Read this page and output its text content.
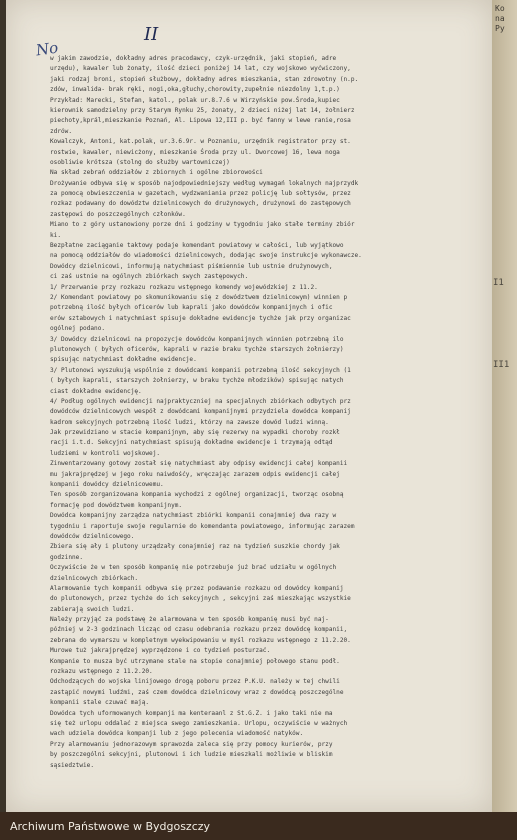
Ko
na
Py
I1
II1
No
II
w jakim zawodzie, dokładny adres pracodawcy, czyk-urzędnik, jaki stopień, adre
urzędu), kawaler lub żonaty, ilość dzieci poniżej 14 lat, czy wojskowo wyćwiczony,
jaki rodzaj broni, stopień służbowy, dokładny adres mieszkania, stan zdrowotny (n.p.
zdów, inwalida- brak ręki, nogi,oka,głuchy,chorowity,zupełnie niezdolny 1,t.p.)
Przykład: Marecki, Stefan, katol., polak ur.8.7.6 w Wirzyńskie pow.Środa,kupiec
kierownik samodzielny przy Starym Rynku 25, żonaty, 2 dzieci niżej lat 14, żołnierz
piechoty,kprál,mieszkanie Poznań, Al. Lipowa 12,III p. być fanny w lewe ranie,rosa
zdrów.
Kowalczyk, Antoni, kat.polak, ur.3.6.9r. w Poznaniu, urzędnik registrator przy st.
rostwie, kawaler, niewicżony, mieszkanie Środa przy ul. Dworcowej 16, lewa noga
osobliwie krótsza (stolng do służby wartowniczej)
Na skład zebrań oddziałów z zbiornych i ogólne zbiorowości
Drożywanie odbywa się w sposób najodpowiedniejszy według wymagań lokalnych najprzydk
za pomocą obwieszczenia w gazetach, wydzwaniania przez policję lub sołtysów, przez
rozkaz podawany do dowództw dzielnicowych do drużynowych, drużynowi do zastępowych
zastępowi do poszczególnych członków.
Miano to z góry ustanowiony porze dni i godziny w tygodniu jako stałe terminy zbiór
ki.
Bezpłatne zaciąganie taktowy podaje komendant powiatowy w całości, lub wyjątkowo
na pomocą oddziałów do wiadomości dzielnicowych, dodając swoje instrukcje wykonawcze.
Dowódcy dzielnicowi, informują natychmiast piśmiennie lub ustnie drużynowych,
ci zaś ustnie na ogólnych zbiórkach swych zastępowych.
1/ Przerwanie przy rozkazu rozkazu wstępnego komendy wojewódzkiej z 11.2.
2/ Komendant powiatowy po skomunikowaniu się z dowództwem dzielnicowym) winnien p
potrzebną ilość byłych oficerów lub kaprali jako dowódców kompanijnych i ofic
erów sztabowych i natychmiast spisuje dokładne ewidencje tychże jak przy organizac
ogólnej podano.
3/ Dowódcy dzielnicowi na propozycje dowódców kompanijnych winnien potrzebną ilo
plutonowych ( byłych oficerów, kaprali w razie braku tychże starszych żołnierzy)
spisując natychmiast dokładne ewidencje.
3/ Plutonowi wyszukują wspólnie z dowódcami kompanii potrzebną ilość sekcyjnych (1
( byłych kaprali, starszych żołnierzy, w braku tychże młodzików) spisując natych
ciast dokładne ewidencję.
4/ Podług ogólnych ewidencji najpraktyczniej na specjalnych zbiórkach odbytych prz
dowódców dzielnicowych wespół z dowódcami kompanijnymi przydziela dowódca kompanij
kadrom sekcyjnych potrzebną ilość ludzi, którzy na zawsze dowód ludzi winną.
Jak przewidziano w stacie kompanijnym, aby się rezerwy na wypadki choroby rozkł
racji i.t.d. Sekcyjni natychmiast spisują dokładne ewidencje i trzymają odtąd
ludziemi w kontroli wojskowej.
Zinwentarzowany gotowy został się natychmiast aby odpisy ewidencji całej kompanii
mu jakrajprędzej w jego roku naiwdośćy, wręczając zarazem odpis ewidencji całej
kompanii dowódcy dzielnicowemu.
Ten sposób zorganizowana kompania wychodzi z ogólnej organizacji, tworząc osobną
formację pod dowództwem kompanijnym.
Dowódca kompanijny zarządza natychmiast zbiórki kompanii conajmniej dwa razy w
tygodniu i raportuje swoje regularnie do komendanta powiatowego, informując zarazem
dowódców dzielnicowego.
Zbiera się ały i plutony urządzały conajmniej raz na tydzień suszkie chordy jak
godzinne.
Oczywiście że w ten sposób kompanię nie potrzebuje już brać udziału w ogólnych
dzielnicowych zbiórkach.
Alarmowanie tych kompanii odbywa się przez podawanie rozkazu od dowódcy kompanij
do plutonowych, przez tychże do ich sekcyjnych , sekcyjni zaś mieszkając wszystkie
zabierają swoich ludzi.
Należy przyjąć za podstawę że alarmowana w ten sposób kompanię musi być naj-
później w 2-3 godzinach licząc od czasu odebrania rozkazu przez dowódcę kompanii,
zebrana do wymarszu w kompletnym wyekwipowaniu w myśl rozkazu wstępnego z 11.2.20.
Murowe tuż jakrajprędzej wyprzędzone i co tydzień posturzać.
Kompanie to musza być utrzymane stale na stopie conajmniej połowego stanu podł.
rozkazu wstępnego z 11.2.20.
Odchodzących do wojska linijowego drogą poboru przez P.K.U. należy w tej chwili
zastąpić nowymi ludźmi, zaś czem dowódca dzielnicowy wraz z dowódcą poszczególne
kompanii stale czuwać mają.
Dowódca tych uformowanych kompanji ma kenteraanl z St.G.Z. i jako taki nie ma
się też urlopu oddalać z miejsca swego zamieszkania. Urlopu, oczywiście w ważnych
wach udziela dowódca kompanji lub z jego polecenia wiadomość natyków.
Przy alarmowaniu jednorazowym sprawozda zaleca się przy pomocy kurierów, przy
by poszczególni sekcyjni, plutonowi i ich ludzie mieszkali możliwie w bliskim
sąsiedztwie.
Archiwum Państwowe w Bydgoszczy
